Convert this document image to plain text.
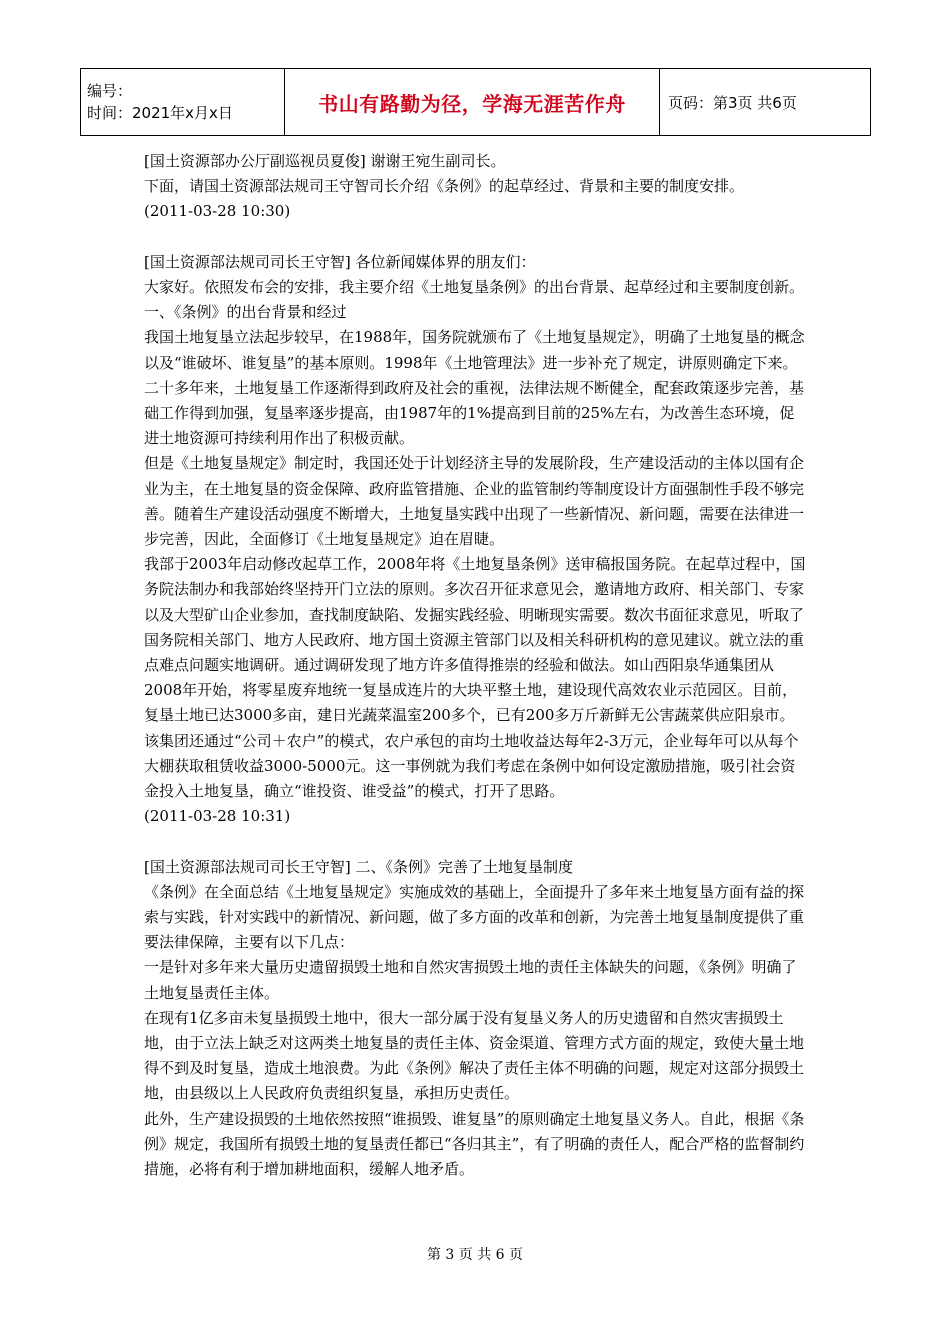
编号：
时间：2021年x月x日	书山有路勤为径，学海无涯苦作舟	页码：第3页 共6页
[国土资源部办公厅副巡视员夏俊] 谢谢王宛生副司长。
下面，请国土资源部法规司王守智司长介绍《条例》的起草经过、背景和主要的制度安排。
(2011-03-28 10:30)
[国土资源部法规司司长王守智] 各位新闻媒体界的朋友们：
大家好。依照发布会的安排，我主要介绍《土地复垦条例》的出台背景、起草经过和主要制度创新。
一、《条例》的出台背景和经过
我国土地复垦立法起步较早，在1988年，国务院就颁布了《土地复垦规定》，明确了土地复垦的概念以及“谁破坏、谁复垦”的基本原则。1998年《土地管理法》进一步补充了规定，讲原则确定下来。二十多年来，土地复垦工作逐渐得到政府及社会的重视，法律法规不断健全，配套政策逐步完善，基础工作得到加强，复垦率逐步提高，由1987年的1%提高到目前的25%左右，为改善生态环境，促进土地资源可持续利用作出了积极贡献。
但是《土地复垦规定》制定时，我国还处于计划经济主导的发展阶段，生产建设活动的主体以国有企业为主，在土地复垦的资金保障、政府监管措施、企业的监管制约等制度设计方面强制性手段不够完善。随着生产建设活动强度不断增大，土地复垦实践中出现了一些新情况、新问题，需要在法律进一步完善，因此，全面修订《土地复垦规定》迫在眉睫。
我部于2003年启动修改起草工作，2008年将《土地复垦条例》送审稿报国务院。在起草过程中，国务院法制办和我部始终坚持开门立法的原则。多次召开征求意见会，邀请地方政府、相关部门、专家以及大型矿山企业参加，查找制度缺陷、发掘实践经验、明晰现实需要。数次书面征求意见，听取了国务院相关部门、地方人民政府、地方国土资源主管部门以及相关科研机构的意见建议。就立法的重点难点问题实地调研。通过调研发现了地方许多值得推崇的经验和做法。如山西阳泉华通集团从2008年开始，将零星废弃地统一复垦成连片的大块平整土地，建设现代高效农业示范园区。目前，复垦土地已达3000多亩，建日光蔬菜温室200多个，已有200多万斤新鲜无公害蔬菜供应阳泉市。该集团还通过“公司＋农户”的模式，农户承包的亩均土地收益达每年2-3万元，企业每年可以从每个大棚获取租赁收益3000-5000元。这一事例就为我们考虑在条例中如何设定激励措施，吸引社会资金投入土地复垦，确立“谁投资、谁受益”的模式，打开了思路。
(2011-03-28 10:31)
[国土资源部法规司司长王守智] 二、《条例》完善了土地复垦制度
《条例》在全面总结《土地复垦规定》实施成效的基础上，全面提升了多年来土地复垦方面有益的探索与实践，针对实践中的新情况、新问题，做了多方面的改革和创新，为完善土地复垦制度提供了重要法律保障，主要有以下几点：
一是针对多年来大量历史遗留损毁土地和自然灾害损毁土地的责任主体缺失的问题，《条例》明确了土地复垦责任主体。
在现有1亿多亩未复垦损毁土地中，很大一部分属于没有复垦义务人的历史遗留和自然灾害损毁土地，由于立法上缺乏对这两类土地复垦的责任主体、资金渠道、管理方式方面的规定，致使大量土地得不到及时复垦，造成土地浪费。为此《条例》解决了责任主体不明确的问题，规定对这部分损毁土地，由县级以上人民政府负责组织复垦，承担历史责任。
此外，生产建设损毁的土地依然按照“谁损毁、谁复垦”的原则确定土地复垦义务人。自此，根据《条例》规定，我国所有损毁土地的复垦责任都已“各归其主”，有了明确的责任人，配合严格的监督制约措施，必将有利于增加耕地面积，缓解人地矛盾。
第 3 页 共 6 页
